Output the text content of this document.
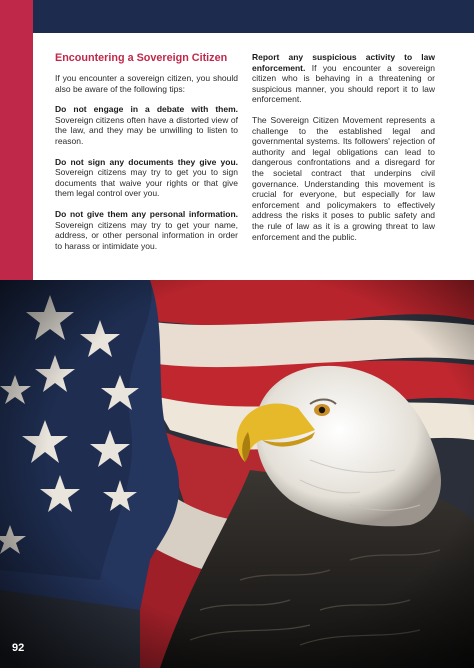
Encountering a Sovereign Citizen

If you encounter a sovereign citizen, you should also be aware of the following tips:

Do not engage in a debate with them. Sovereign citizens often have a distorted view of the law, and they may be unwilling to listen to reason.

Do not sign any documents they give you. Sovereign citizens may try to get you to sign documents that waive your rights or that give them legal control over you.

Do not give them any personal information. Sovereign citizens may try to get your name, address, or other personal information in order to harass or intimidate you.

Report any suspicious activity to law enforcement. If you encounter a sovereign citizen who is behaving in a threatening or suspicious manner, you should report it to law enforcement.

The Sovereign Citizen Movement represents a challenge to the established legal and governmental systems. Its followers' rejection of authority and legal obligations can lead to dangerous confrontations and a disregard for the societal contract that underpins civil governance. Understanding this movement is crucial for everyone, but especially for law enforcement and policymakers to effectively address the risks it poses to public safety and the rule of law as it is a growing threat to law enforcement and the public.

92
